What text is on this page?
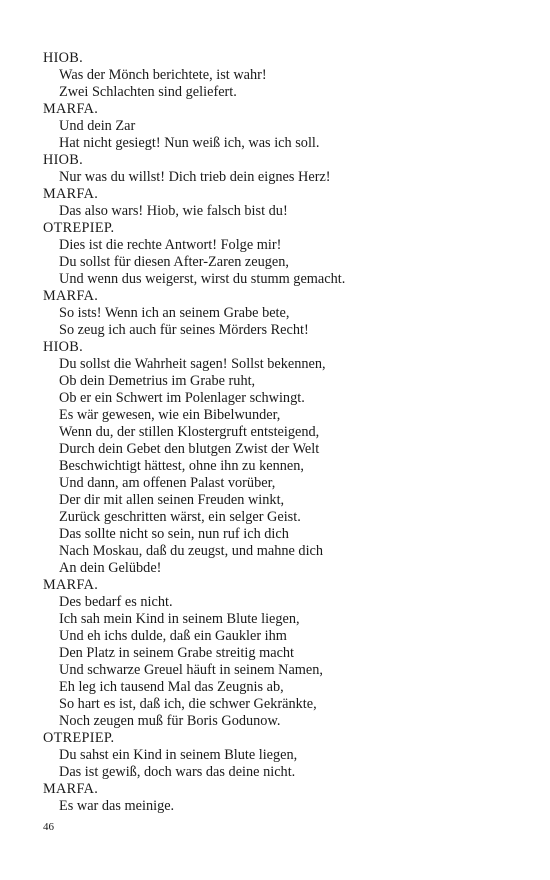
HIOB.
Was der Mönch berichtete, ist wahr!
Zwei Schlachten sind geliefert.
MARFA.
Und dein Zar
Hat nicht gesiegt! Nun weiß ich, was ich soll.
HIOB.
Nur was du willst! Dich trieb dein eignes Herz!
MARFA.
Das also wars! Hiob, wie falsch bist du!
OTREPIEP.
Dies ist die rechte Antwort! Folge mir!
Du sollst für diesen After-Zaren zeugen,
Und wenn dus weigerst, wirst du stumm gemacht.
MARFA.
So ists! Wenn ich an seinem Grabe bete,
So zeug ich auch für seines Mörders Recht!
HIOB.
Du sollst die Wahrheit sagen! Sollst bekennen,
Ob dein Demetrius im Grabe ruht,
Ob er ein Schwert im Polenlager schwingt.
Es wär gewesen, wie ein Bibelwunder,
Wenn du, der stillen Klostergruft entsteigend,
Durch dein Gebet den blutgen Zwist der Welt
Beschwichtigt hättest, ohne ihn zu kennen,
Und dann, am offenen Palast vorüber,
Der dir mit allen seinen Freuden winkt,
Zurück geschritten wärst, ein selger Geist.
Das sollte nicht so sein, nun ruf ich dich
Nach Moskau, daß du zeugst, und mahne dich
An dein Gelübde!
MARFA.
Des bedarf es nicht.
Ich sah mein Kind in seinem Blute liegen,
Und eh ichs dulde, daß ein Gaukler ihm
Den Platz in seinem Grabe streitig macht
Und schwarze Greuel häuft in seinem Namen,
Eh leg ich tausend Mal das Zeugnis ab,
So hart es ist, daß ich, die schwer Gekränkte,
Noch zeugen muß für Boris Godunow.
OTREPIEP.
Du sahst ein Kind in seinem Blute liegen,
Das ist gewiß, doch wars das deine nicht.
MARFA.
Es war das meinige.
46
